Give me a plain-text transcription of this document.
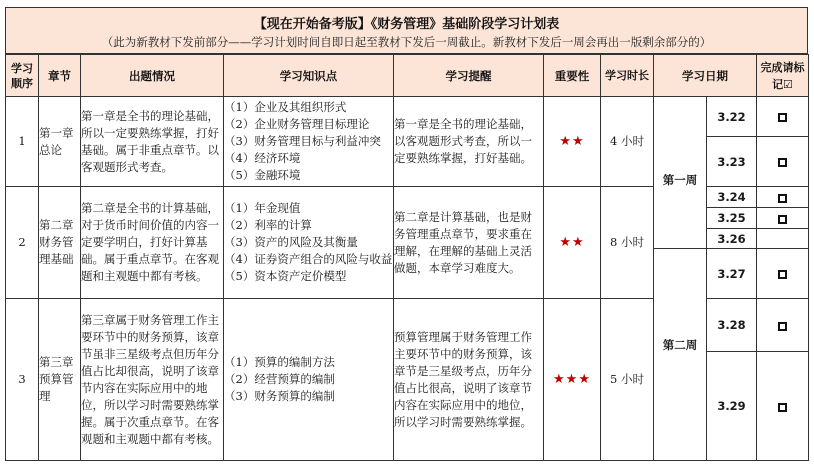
【现在开始备考版】《财务管理》基础阶段学习计划表
（此为新教材下发前部分——学习计划时间自即日起至教材下发后一周截止。新教材下发后一周会再出一版剩余部分的）
学习顺序	章节	出题情况	学习知识点	学习提醒	重要性	学习时长	学习日期		完成请标记☑
1	第一章总论	第一章是全书的理论基础，所以一定要熟练掌握，打好基础。属于非重点章节。以客观题形式考查。	（1）企业及其组织形式
（2）企业财务管理目标理论
（3）财务管理目标与利益冲突
（4）经济环境
（5）金融环境	第一章是全书的理论基础，以客观题形式考查，所以一定要熟练掌握，打好基础。	★★	4 小时	第一周	3.22	
								3.23	
2	第二章财务管理基础	第二章是全书的计算基础，对于货币时间价值的内容一定要学明白，打好计算基础。属于重点章节。在客观题和主观题中都有考核。	（1）年金现值
（2）利率的计算
（3）资产的风险及其衡量
（4）证券资产组合的风险与收益
（5）资本资产定价模型	第二章是计算基础，也是财务管理重点章节，要求重在理解，在理解的基础上灵活做题，本章学习难度大。	★★	8 小时		3.24	
								3.25	
								3.26	

							第二周	3.27	
3	第三章预算管理	第三章属于财务管理工作主要环节中的财务预算，该章节虽非三星级考点但历年分值占比却很高，说明了该章节内容在实际应用中的地位，所以学习时需要熟练掌握。属于次重点章节。在客观题和主观题中都有考核。	（1）预算的编制方法
（2）经营预算的编制
（3）财务预算的编制	预算管理属于财务管理工作主要环节中的财务预算，该章节是三星级考点，历年分值占比很高，说明了该章节内容在实际应用中的地位，所以学习时需要熟练掌握。	★★★	5 小时		3.28	
								3.29	
